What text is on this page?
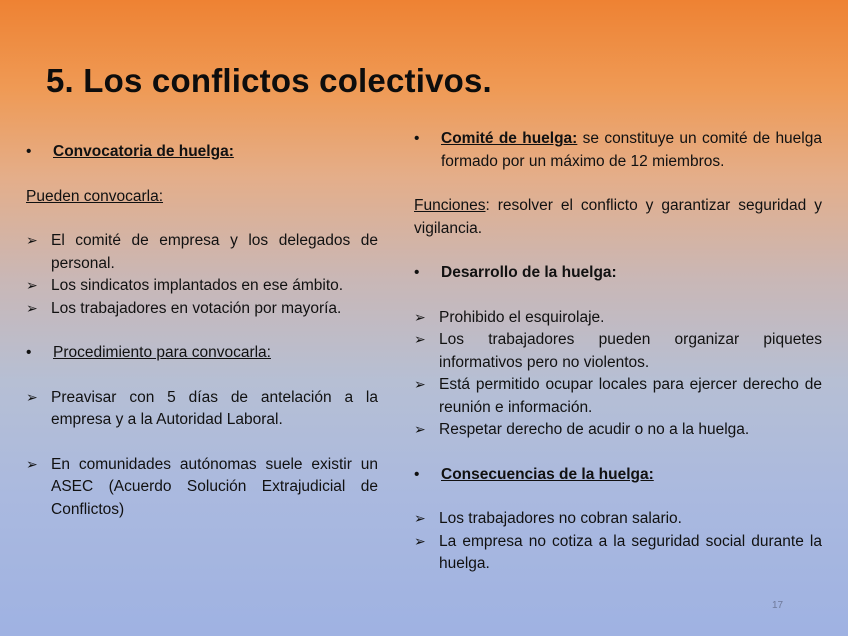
5. Los conflictos colectivos.
• Convocatoria de huelga:
Pueden convocarla:
➢ El comité de empresa y los delegados de personal.
➢ Los sindicatos implantados en ese ámbito.
➢ Los trabajadores en votación por mayoría.
• Procedimiento para convocarla:
➢ Preavisar con 5 días de antelación a la empresa y a la Autoridad Laboral.
➢ En comunidades autónomas suele existir un ASEC (Acuerdo Solución Extrajudicial de Conflictos)
• Comité de huelga: se constituye un comité de huelga formado por un máximo de 12 miembros.
Funciones: resolver el conflicto y garantizar seguridad y vigilancia.
• Desarrollo de la huelga:
➢ Prohibido el esquirolaje.
➢ Los trabajadores pueden organizar piquetes informativos pero no violentos.
➢ Está permitido ocupar locales para ejercer derecho de reunión e información.
➢ Respetar derecho de acudir o no a la huelga.
• Consecuencias de la huelga:
➢ Los trabajadores no cobran salario.
➢ La empresa no cotiza a la seguridad social durante la huelga.
17
